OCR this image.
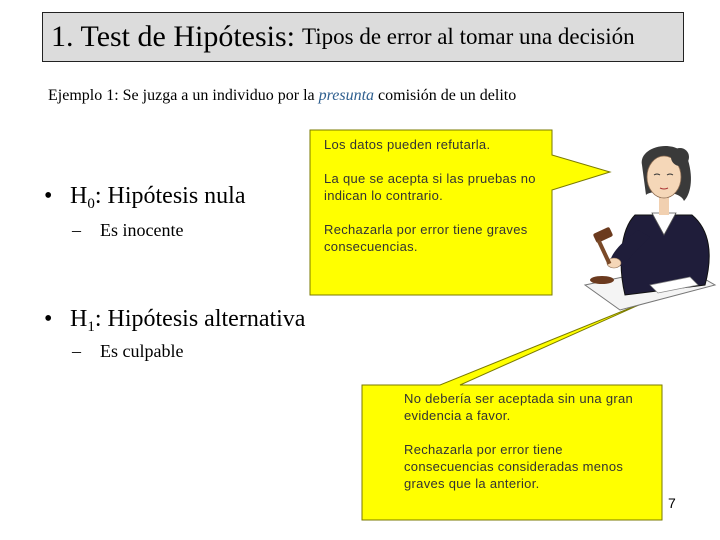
1. Test de Hipótesis: Tipos de error al tomar una decisión
Ejemplo 1: Se juzga a un individuo por la presunta comisión de un delito

Los datos pueden refutarla.

La que se acepta si las pruebas no indican lo contrario.

Rechazarla por error tiene graves consecuencias.

No debería ser aceptada sin una gran evidencia a favor.

Rechazarla por error tiene consecuencias consideradas menos graves que la anterior.

• $H_0$: Hipótesis nula
– Es inocente
• $H_1$: Hipótesis alternativa
– Es culpable
7
